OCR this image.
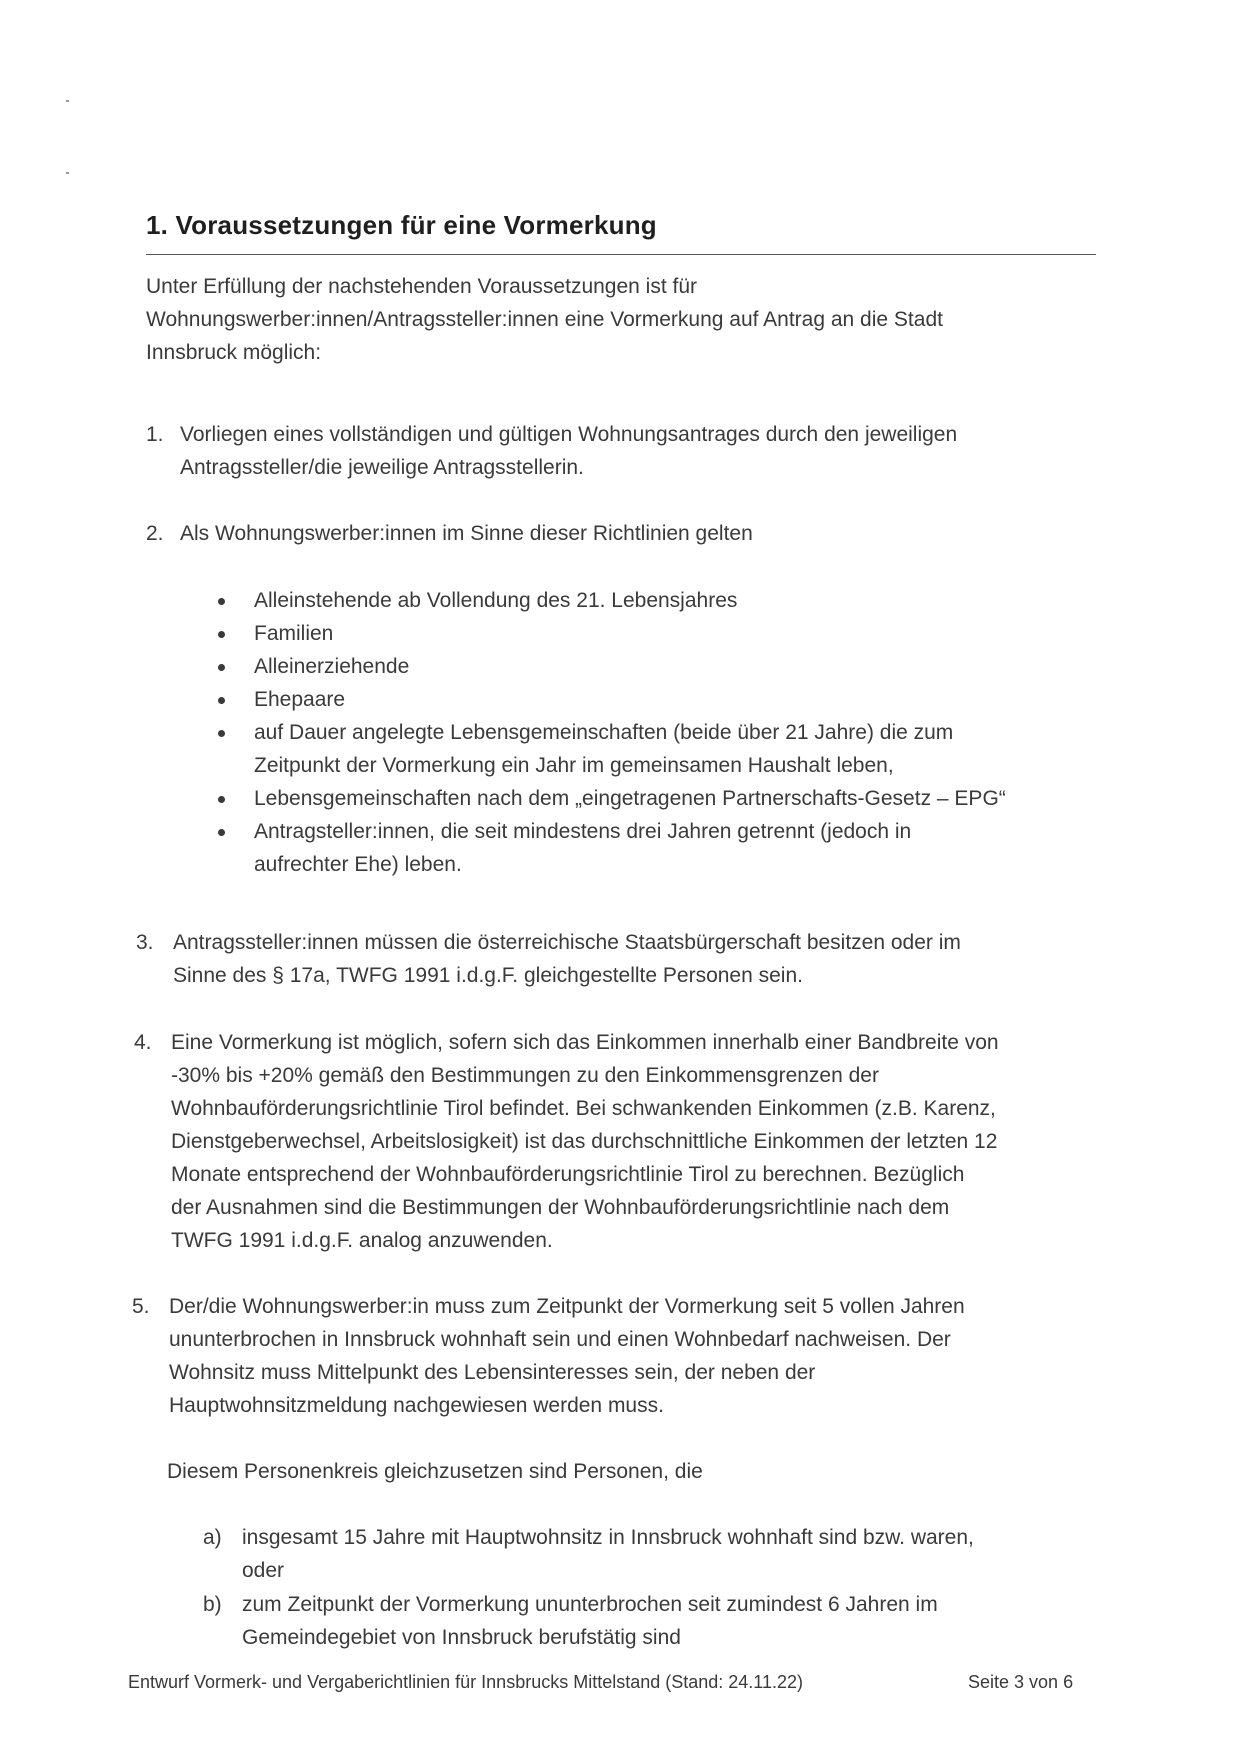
1. Voraussetzungen für eine Vormerkung
Unter Erfüllung der nachstehenden Voraussetzungen ist für
Wohnungswerber:innen/Antragssteller:innen eine Vormerkung auf Antrag an die Stadt
Innsbruck möglich:
1. Vorliegen eines vollständigen und gültigen Wohnungsantrages durch den jeweiligen
Antragssteller/die jeweilige Antragsstellerin.
2. Als Wohnungswerber:innen im Sinne dieser Richtlinien gelten
Alleinstehende ab Vollendung des 21. Lebensjahres
Familien
Alleinerziehende
Ehepaare
auf Dauer angelegte Lebensgemeinschaften (beide über 21 Jahre) die zum
Zeitpunkt der Vormerkung ein Jahr im gemeinsamen Haushalt leben,
Lebensgemeinschaften nach dem „eingetragenen Partnerschafts-Gesetz – EPG“
Antragsteller:innen, die seit mindestens drei Jahren getrennt (jedoch in
aufrechter Ehe) leben.
3. Antragssteller:innen müssen die österreichische Staatsbürgerschaft besitzen oder im
Sinne des § 17a, TWFG 1991 i.d.g.F. gleichgestellte Personen sein.
4. Eine Vormerkung ist möglich, sofern sich das Einkommen innerhalb einer Bandbreite von
-30% bis +20% gemäß den Bestimmungen zu den Einkommensgrenzen der
Wohnbauförderungsrichtlinie Tirol befindet. Bei schwankenden Einkommen (z.B. Karenz,
Dienstgeberwechsel, Arbeitslosigkeit) ist das durchschnittliche Einkommen der letzten 12
Monate entsprechend der Wohnbauförderungsrichtlinie Tirol zu berechnen. Bezüglich
der Ausnahmen sind die Bestimmungen der Wohnbauförderungsrichtlinie nach dem
TWFG 1991 i.d.g.F. analog anzuwenden.
5. Der/die Wohnungswerber:in muss zum Zeitpunkt der Vormerkung seit 5 vollen Jahren
ununterbrochen in Innsbruck wohnhaft sein und einen Wohnbedarf nachweisen. Der
Wohnsitz muss Mittelpunkt des Lebensinteresses sein, der neben der
Hauptwohnsitzmeldung nachgewiesen werden muss.
Diesem Personenkreis gleichzusetzen sind Personen, die
a) insgesamt 15 Jahre mit Hauptwohnsitz in Innsbruck wohnhaft sind bzw. waren,
oder
b) zum Zeitpunkt der Vormerkung ununterbrochen seit zumindest 6 Jahren im
Gemeindegebiet von Innsbruck berufstätig sind
Entwurf Vormerk- und Vergaberichtlinien für Innsbrucks Mittelstand (Stand: 24.11.22)	Seite 3 von 6
